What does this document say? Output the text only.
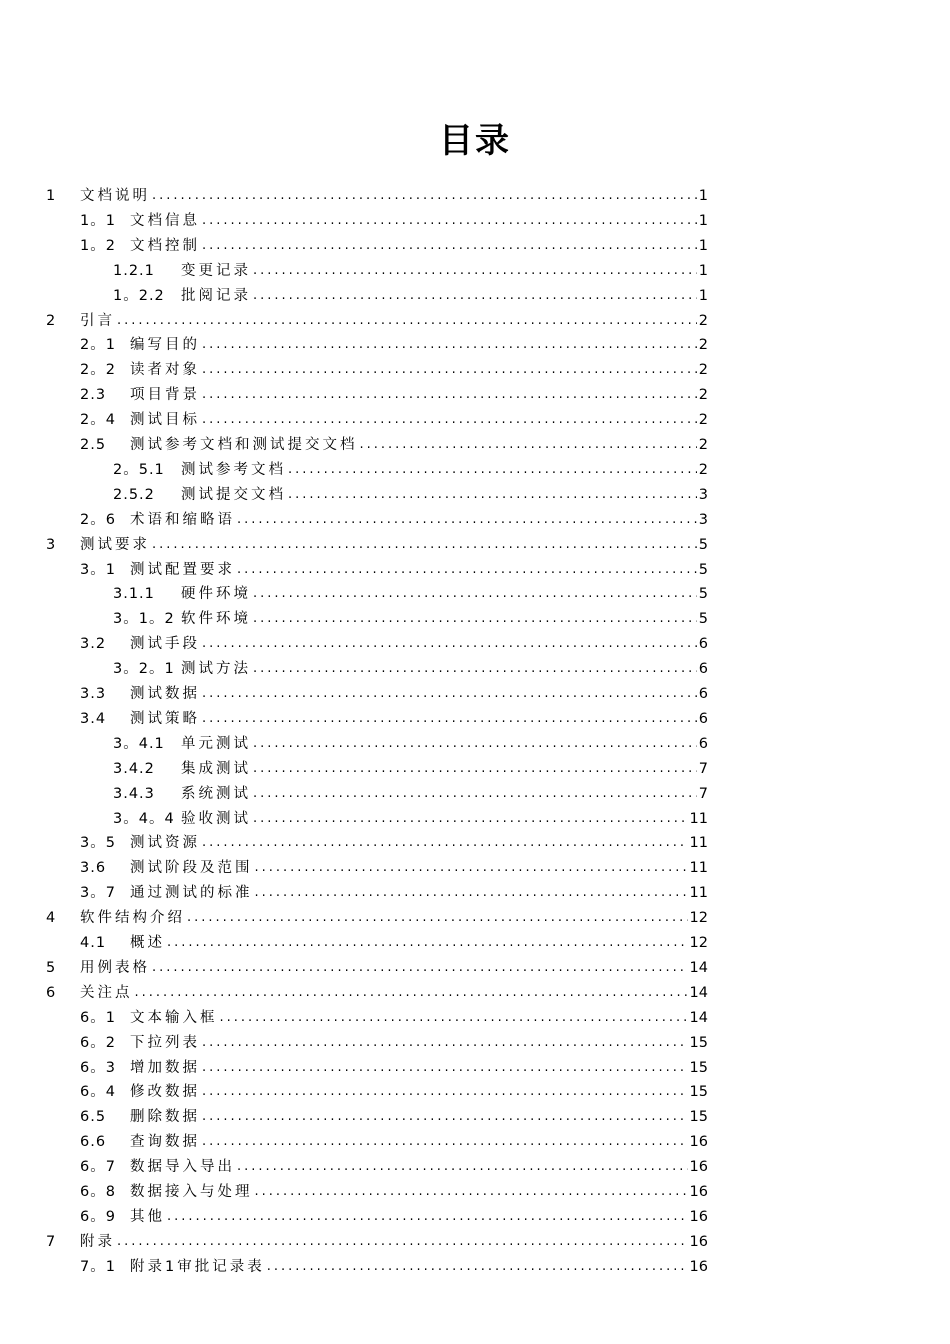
目录
1	文档说明 .....	1
1。1 文档信息 .....	1
1。2 文档控制 .....	1
1.2.1	变更记录 .....	1
1。2.2	批阅记录 .....	1
2	引言 .....	2
2。1 编写目的 .....	2
2。2 读者对象 .....	2
2.3	项目背景 .....	2
2。4 测试目标 .....	2
2.5	测试参考文档和测试提交文档 .....	2
2。5.1	测试参考文档 .....	2
2.5.2	测试提交文档 .....	3
2。6 术语和缩略语 .....	3
3	测试要求 .....	5
3。1 测试配置要求 .....	5
3.1.1	硬件环境 .....	5
3。1。2 软件环境 .....	5
3.2	测试手段 .....	6
3。2。1 测试方法 .....	6
3.3	测试数据 .....	6
3.4	测试策略 .....	6
3。4.1	单元测试 .....	6
3.4.2	集成测试 .....	7
3.4.3	系统测试 .....	7
3。4。4 验收测试 .....	11
3。5 测试资源 .....	11
3.6	测试阶段及范围 .....	11
3。7 通过测试的标准 .....	11
4	软件结构介绍 .....	12
4.1	概述 .....	12
5	用例表格 .....	14
6	关注点 .....	14
6。1 文本输入框 .....	14
6。2 下拉列表 .....	15
6。3 增加数据 .....	15
6。4 修改数据 .....	15
6.5	删除数据 .....	15
6.6	查询数据 .....	16
6。7 数据导入导出 .....	16
6。8 数据接入与处理 .....	16
6。9 其他 .....	16
7	附录 .....	16
7。1 附录1审批记录表 .....	16
